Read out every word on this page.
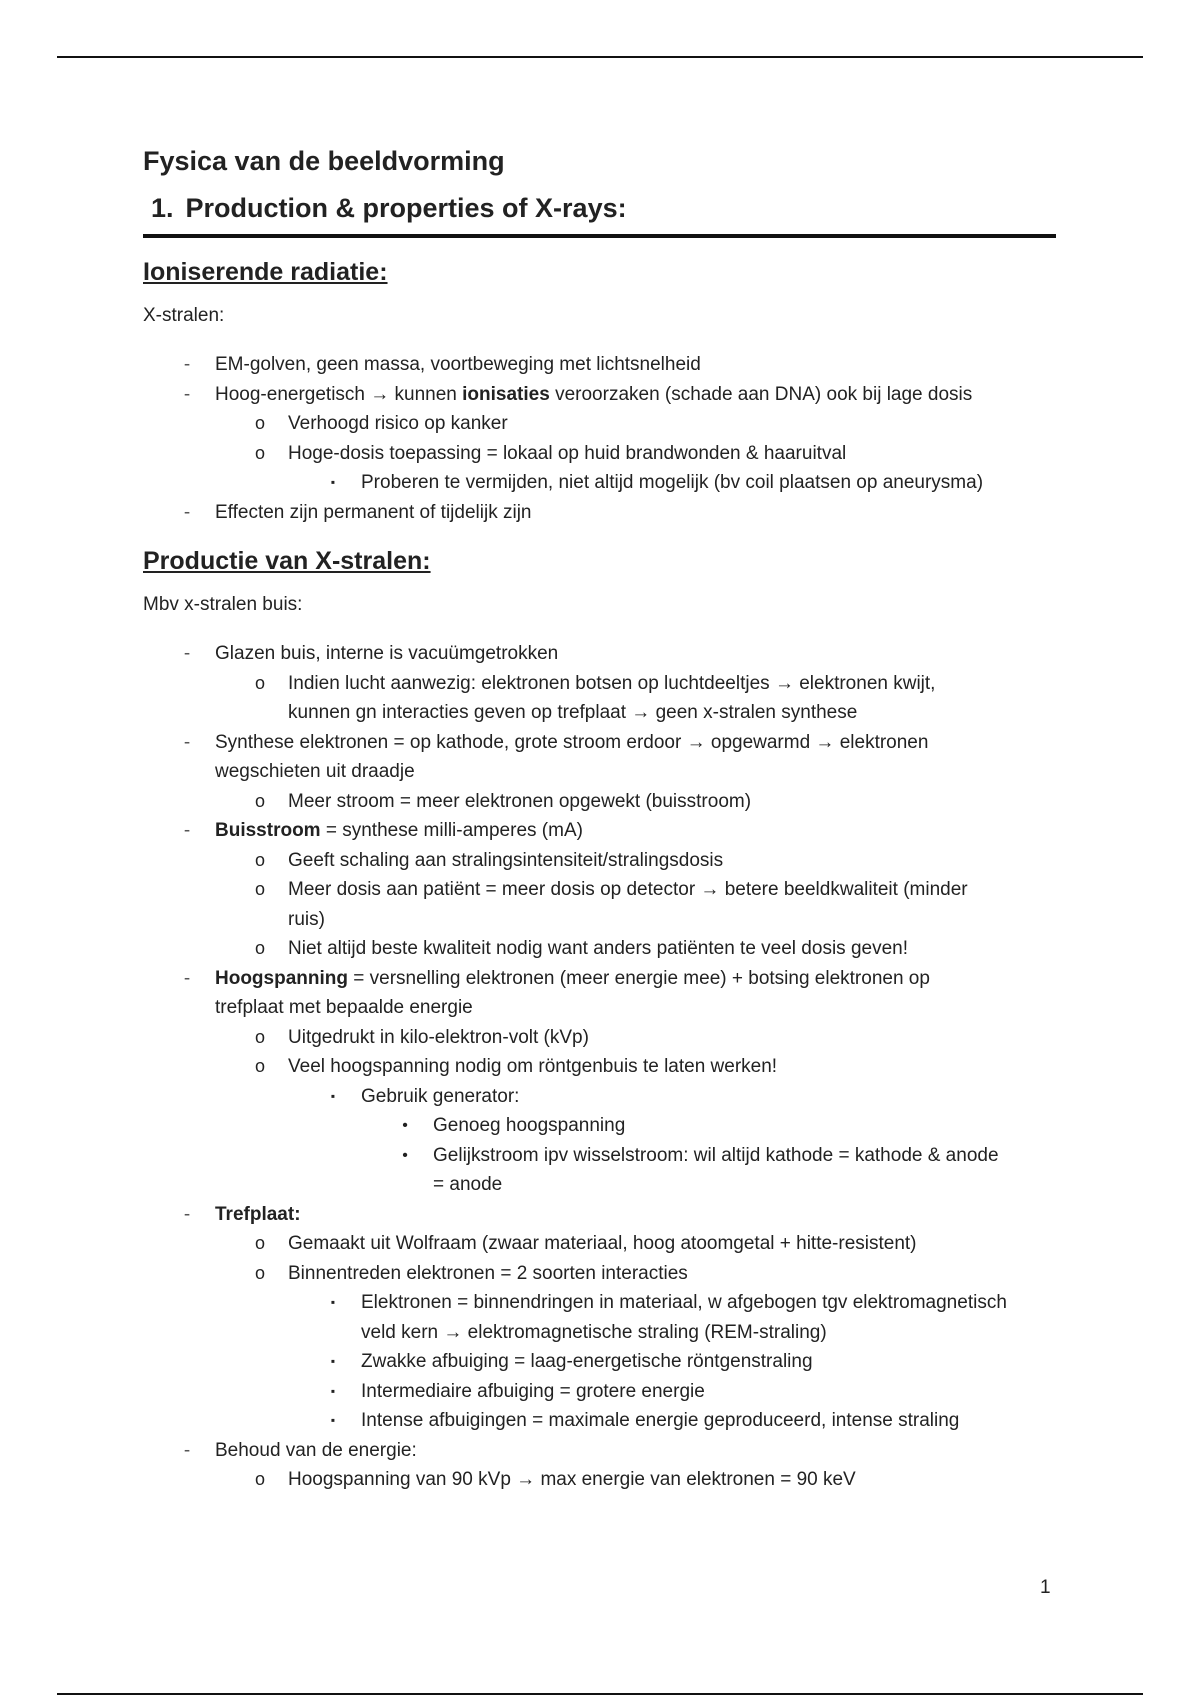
Fysica van de beeldvorming
1. Production & properties of X-rays:
Ioniserende radiatie:

X-stralen:

-	EM-golven, geen massa, voortbeweging met lichtsnelheid
-	Hoog-energetisch → kunnen ionisaties veroorzaken (schade aan DNA) ook bij lage dosis
o Verhoogd risico op kanker
o Hoge-dosis toepassing = lokaal op huid brandwonden & haaruitval
▪	Proberen te vermijden, niet altijd mogelijk (bv coil plaatsen op aneurysma)
-	Effecten zijn permanent of tijdelijk zijn
Productie van X-stralen:

Mbv x-stralen buis:

-	Glazen buis, interne is vacuümgetrokken
o Indien lucht aanwezig: elektronen botsen op luchtdeeltjes → elektronen kwijt,
kunnen gn interacties geven op trefplaat → geen x-stralen synthese
-	Synthese elektronen = op kathode, grote stroom erdoor → opgewarmd → elektronen
wegschieten uit draadje
o Meer stroom = meer elektronen opgewekt (buisstroom)
-	Buisstroom = synthese milli-amperes (mA)
o Geeft schaling aan stralingsintensiteit/stralingsdosis
o Meer dosis aan patiënt = meer dosis op detector → betere beeldkwaliteit (minder
ruis)
o Niet altijd beste kwaliteit nodig want anders patiënten te veel dosis geven!
-	Hoogspanning = versnelling elektronen (meer energie mee) + botsing elektronen op
trefplaat met bepaalde energie
o Uitgedrukt in kilo-elektron-volt (kVp)
o Veel hoogspanning nodig om röntgenbuis te laten werken!
▪	Gebruik generator:
•	Genoeg hoogspanning
•	Gelijkstroom ipv wisselstroom: wil altijd kathode = kathode & anode
= anode
-	Trefplaat:
o Gemaakt uit Wolfraam (zwaar materiaal, hoog atoomgetal + hitte-resistent)
o Binnentreden elektronen = 2 soorten interacties
▪	Elektronen = binnendringen in materiaal, w afgebogen tgv elektromagnetisch
veld kern → elektromagnetische straling (REM-straling)
▪	Zwakke afbuiging = laag-energetische röntgenstraling
▪	Intermediaire afbuiging = grotere energie
▪	Intense afbuigingen = maximale energie geproduceerd, intense straling
-	Behoud van de energie:
o Hoogspanning van 90 kVp → max energie van elektronen = 90 keV
1
